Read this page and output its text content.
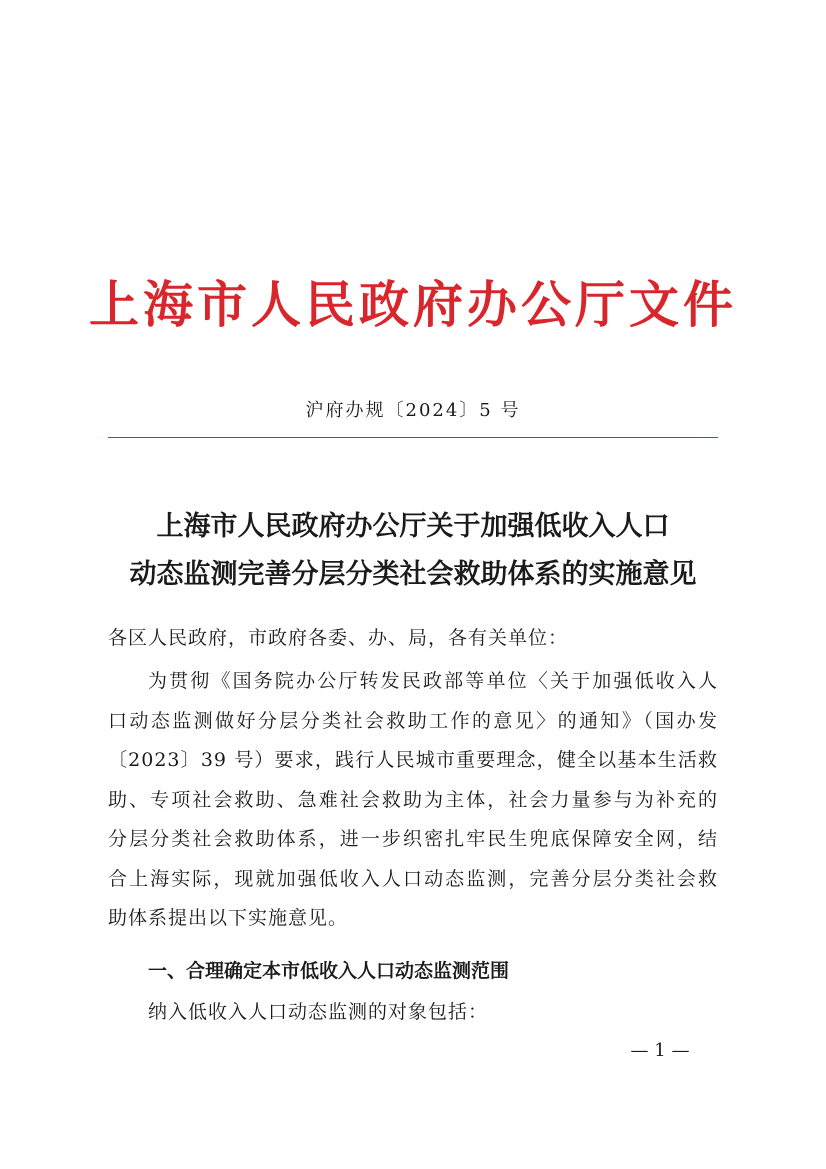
上海市人民政府办公厅文件
沪府办规〔2024〕5 号
上海市人民政府办公厅关于加强低收入人口
动态监测完善分层分类社会救助体系的实施意见
各区人民政府，市政府各委、办、局，各有关单位：
为贯彻《国务院办公厅转发民政部等单位〈关于加强低收入人
口动态监测做好分层分类社会救助工作的意见〉的通知》（国办发
〔2023〕39 号）要求，践行人民城市重要理念，健全以基本生活救
助、专项社会救助、急难社会救助为主体，社会力量参与为补充的
分层分类社会救助体系，进一步织密扎牢民生兜底保障安全网，结
合上海实际，现就加强低收入人口动态监测，完善分层分类社会救
助体系提出以下实施意见。
一、合理确定本市低收入人口动态监测范围
纳入低收入人口动态监测的对象包括：
— 1 —
